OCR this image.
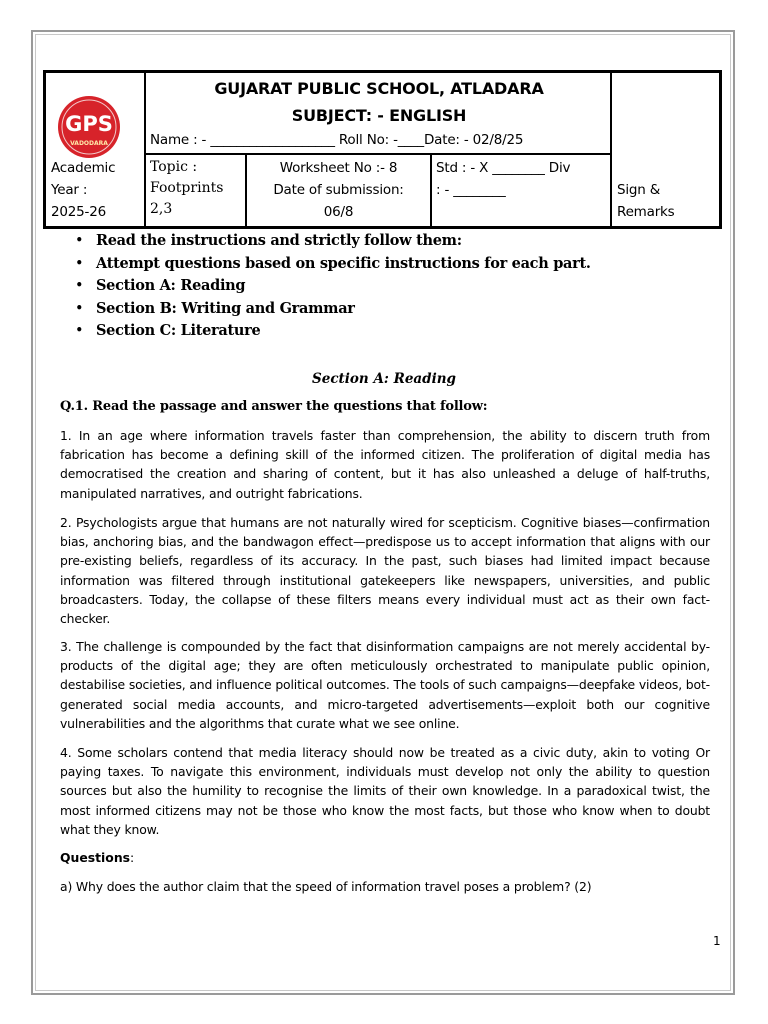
GPS
VADODARA
GUJARAT PUBLIC SCHOOL, ATLADARA
SUBJECT: - ENGLISH
Name : - ___________________ Roll No: -____Date: - 02/8/25
Academic
Year :
2025-26
Topic :
Footprints
2,3
Worksheet No :- 8
Date of submission:
06/8
Std : - X ________ Div
: - ________	Sign &
Remarks
• Read the instructions and strictly follow them:
• Attempt questions based on specific instructions for each part.
• Section A: Reading
• Section B: Writing and Grammar
• Section C: Literature
Section A: Reading
Q.1. Read the passage and answer the questions that follow:

1. In an age where information travels faster than comprehension, the ability to discern truth from fabrication has become a defining skill of the informed citizen. The proliferation of digital media has democratised the creation and sharing of content, but it has also unleashed a deluge of half-truths, manipulated narratives, and outright fabrications.

2. Psychologists argue that humans are not naturally wired for scepticism. Cognitive biases—confirmation bias, anchoring bias, and the bandwagon effect—predispose us to accept information that aligns with our pre-existing beliefs, regardless of its accuracy. In the past, such biases had limited impact because information was filtered through institutional gatekeepers like newspapers, universities, and public broadcasters. Today, the collapse of these filters means every individual must act as their own fact-checker.

3. The challenge is compounded by the fact that disinformation campaigns are not merely accidental by-products of the digital age; they are often meticulously orchestrated to manipulate public opinion, destabilise societies, and influence political outcomes. The tools of such campaigns—deepfake videos, bot-generated social media accounts, and micro-targeted advertisements—exploit both our cognitive vulnerabilities and the algorithms that curate what we see online.

4. Some scholars contend that media literacy should now be treated as a civic duty, akin to voting Or paying taxes. To navigate this environment, individuals must develop not only the ability to question sources but also the humility to recognise the limits of their own knowledge. In a paradoxical twist, the most informed citizens may not be those who know the most facts, but those who know when to doubt what they know.

Questions:
a) Why does the author claim that the speed of information travel poses a problem? (2)
1
